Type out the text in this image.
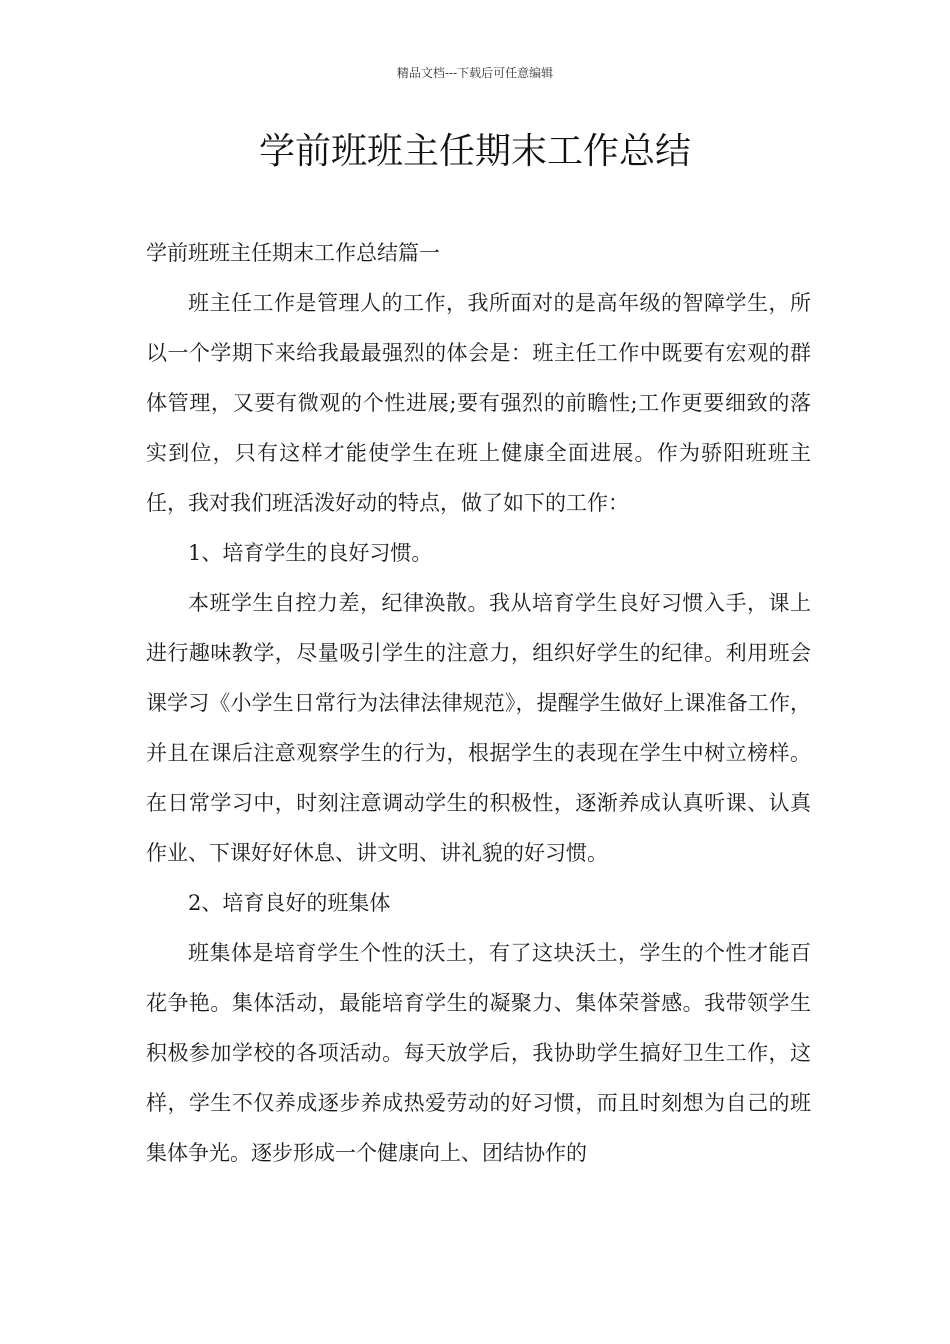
精品文档---下载后可任意编辑
学前班班主任期末工作总结

学前班班主任期末工作总结篇一

班主任工作是管理人的工作，我所面对的是高年级的智障学生，所以一个学期下来给我最最强烈的体会是：班主任工作中既要有宏观的群体管理，又要有微观的个性进展;要有强烈的前瞻性;工作更要细致的落实到位，只有这样才能使学生在班上健康全面进展。作为骄阳班班主任，我对我们班活泼好动的特点，做了如下的工作：

1、培育学生的良好习惯。

本班学生自控力差，纪律涣散。我从培育学生良好习惯入手，课上进行趣味教学，尽量吸引学生的注意力，组织好学生的纪律。利用班会课学习《小学生日常行为法律法律规范》，提醒学生做好上课准备工作，并且在课后注意观察学生的行为，根据学生的表现在学生中树立榜样。在日常学习中，时刻注意调动学生的积极性，逐渐养成认真听课、认真作业、下课好好休息、讲文明、讲礼貌的好习惯。

2、培育良好的班集体

班集体是培育学生个性的沃土，有了这块沃土，学生的个性才能百花争艳。集体活动，最能培育学生的凝聚力、集体荣誉感。我带领学生积极参加学校的各项活动。每天放学后，我协助学生搞好卫生工作，这样，学生不仅养成逐步养成热爱劳动的好习惯，而且时刻想为自己的班集体争光。逐步形成一个健康向上、团结协作的
